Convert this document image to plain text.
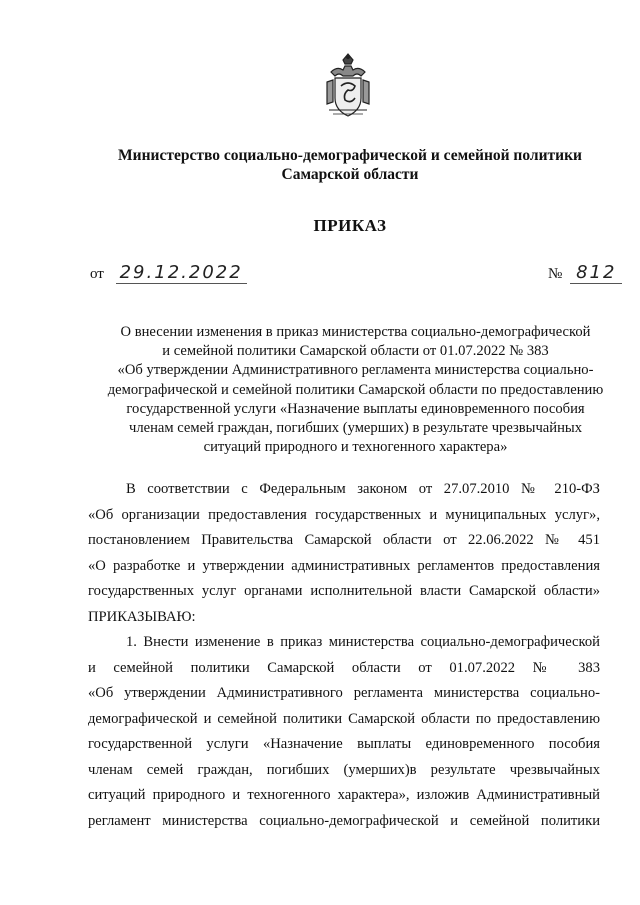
Министерство социально-демографической и семейной политики
Самарской области
ПРИКАЗ
от 29.12.2022	№ 812
О внесении изменения в приказ министерства социально-демографической
и семейной политики Самарской области от 01.07.2022 № 383
«Об утверждении Административного регламента министерства социально-
демографической и семейной политики Самарской области по предоставлению
государственной услуги «Назначение выплаты единовременного пособия
членам семей граждан, погибших (умерших) в результате чрезвычайных
ситуаций природного и техногенного характера»
В соответствии с Федеральным законом от 27.07.2010 № 210-ФЗ
«Об организации предоставления государственных и муниципальных услуг»,
постановлением Правительства Самарской области от 22.06.2022 № 451
«О разработке и утверждении административных регламентов предоставления
государственных услуг органами исполнительной власти Самарской области»
ПРИКАЗЫВАЮ:
1. Внести изменение в приказ министерства социально-демографической
и семейной политики Самарской области от 01.07.2022 № 383
«Об утверждении Административного регламента министерства социально-
демографической и семейной политики Самарской области по предоставлению
государственной услуги «Назначение выплаты единовременного пособия
членам семей граждан, погибших (умерших)в результате чрезвычайных
ситуаций природного и техногенного характера», изложив Административный
регламент министерства социально-демографической и семейной политики
